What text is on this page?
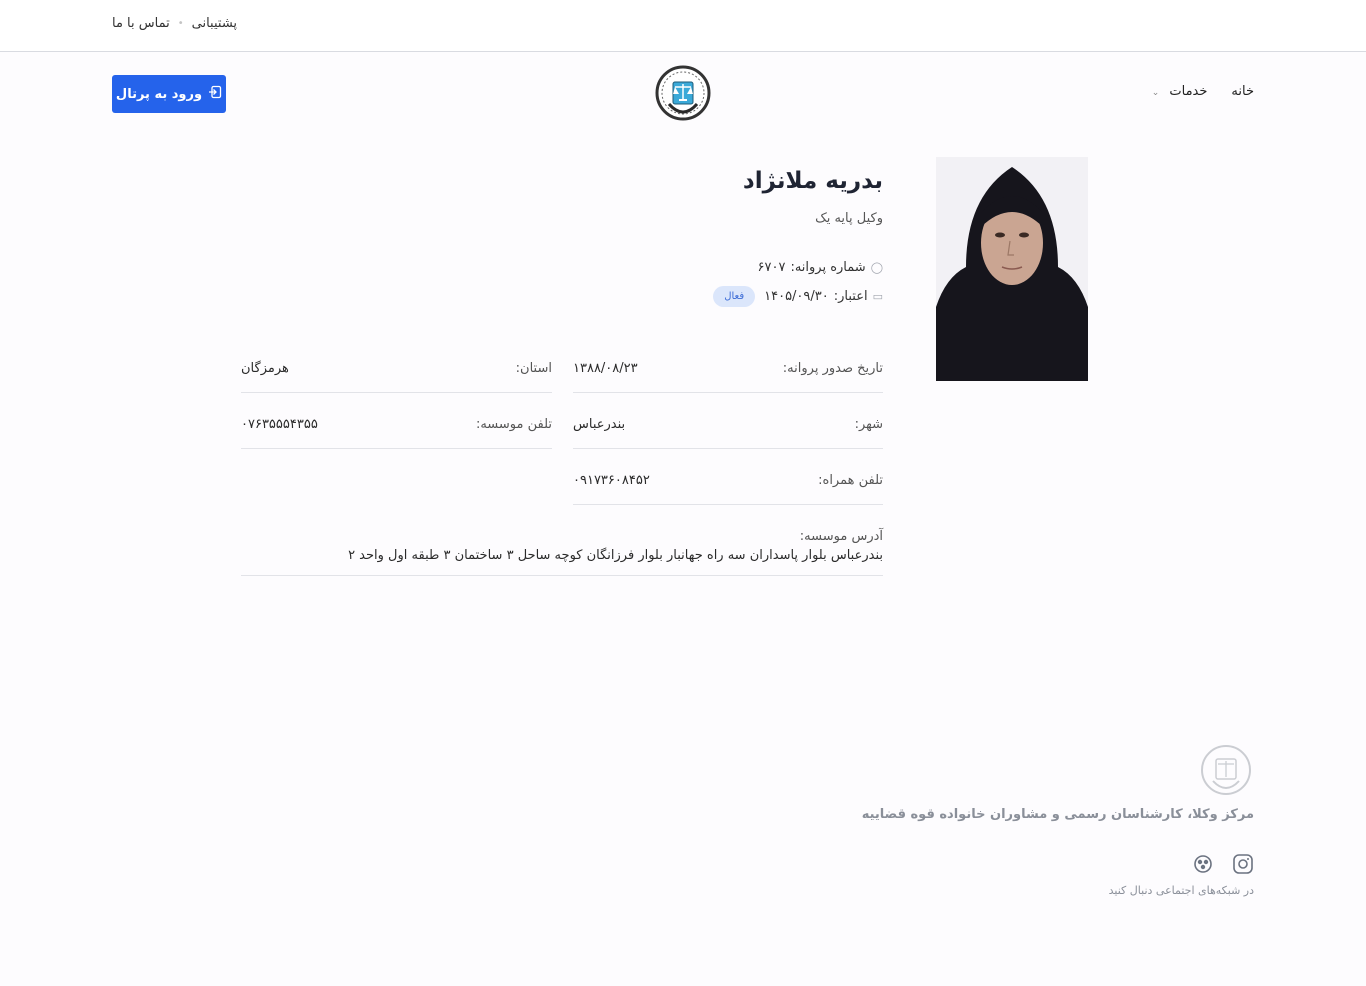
پشتیبانی
•
تماس با ما
خانه
خدمات ⌄
ورود به پرتال
بدریه ملانژاد
وکیل پایه یک
◯
شماره پروانه:
۶۷۰۷
▭
اعتبار:
۱۴۰۵/۰۹/۳۰
فعال
تاریخ صدور پروانه:
۱۳۸۸/۰۸/۲۳
شهر:
بندرعباس
تلفن همراه:
۰۹۱۷۳۶۰۸۴۵۲
استان:
هرمزگان
تلفن موسسه:
۰۷۶۳۵۵۵۴۳۵۵
آدرس موسسه:
بندرعباس بلوار پاسداران سه راه جهانبار بلوار فرزانگان کوچه ساحل ۳ ساختمان ۳ طبقه اول واحد ۲
مرکز وکلا، کارشناسان رسمی و مشاوران خانواده قوه قضاییه
در شبکه‌های اجتماعی دنبال کنید
